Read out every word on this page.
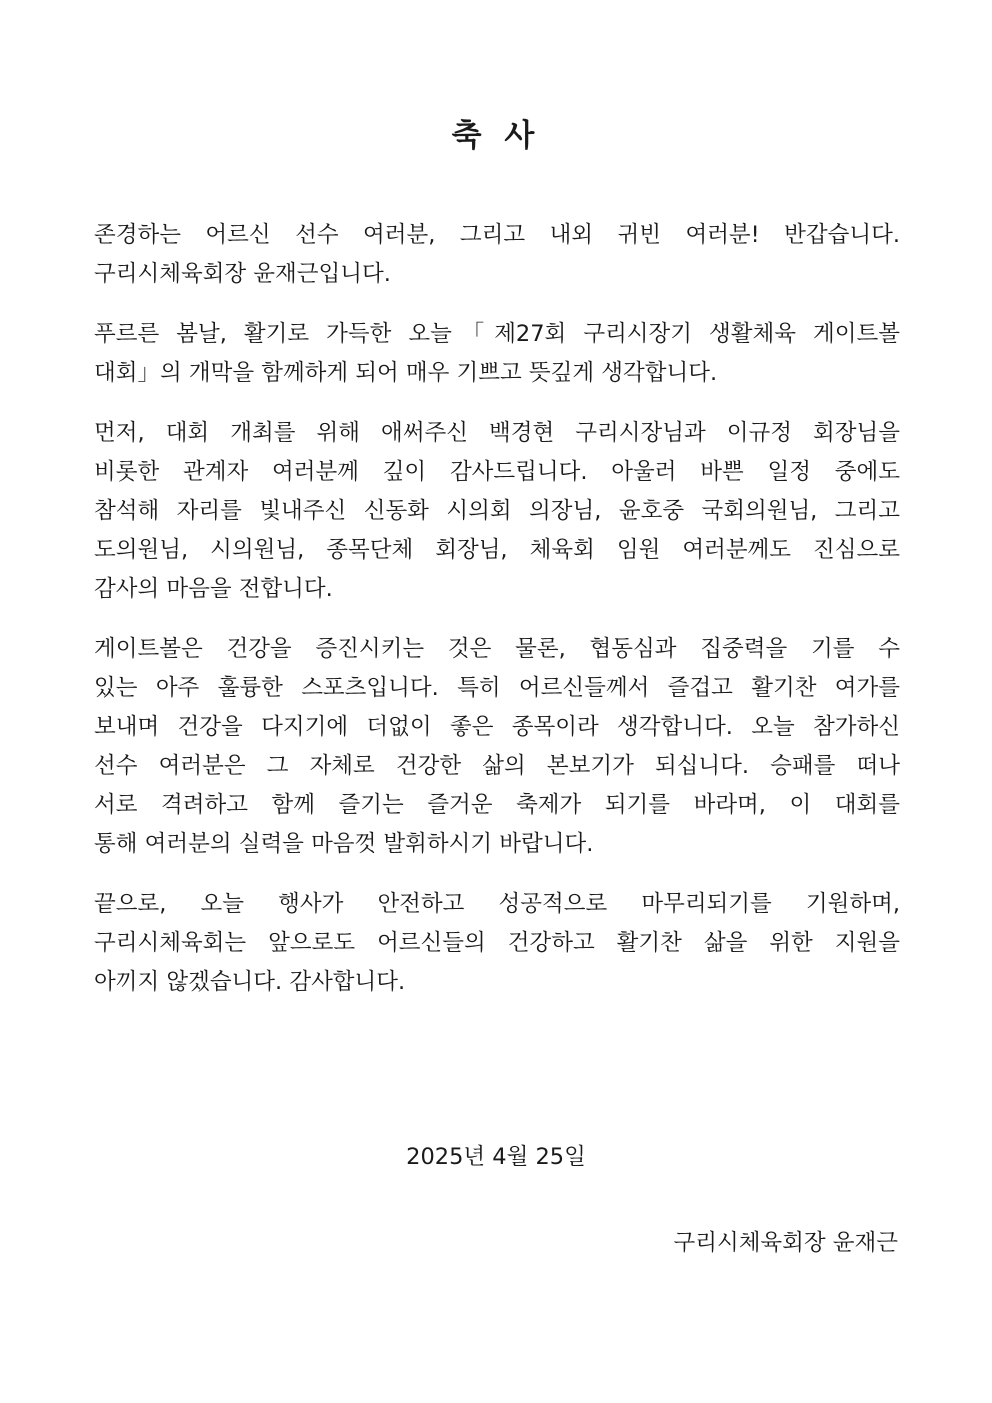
축 사

존경하는 어르신 선수 여러분, 그리고 내외 귀빈 여러분! 반갑습니다.
구리시체육회장 윤재근입니다.

푸르른 봄날, 활기로 가득한 오늘「제27회 구리시장기 생활체육 게이트볼
대회」의 개막을 함께하게 되어 매우 기쁘고 뜻깊게 생각합니다.

먼저, 대회 개최를 위해 애써주신 백경현 구리시장님과 이규정 회장님을
비롯한 관계자 여러분께 깊이 감사드립니다. 아울러 바쁜 일정 중에도
참석해 자리를 빛내주신 신동화 시의회 의장님, 윤호중 국회의원님, 그리고
도의원님, 시의원님, 종목단체 회장님, 체육회 임원 여러분께도 진심으로
감사의 마음을 전합니다.

게이트볼은 건강을 증진시키는 것은 물론, 협동심과 집중력을 기를 수
있는 아주 훌륭한 스포츠입니다. 특히 어르신들께서 즐겁고 활기찬 여가를
보내며 건강을 다지기에 더없이 좋은 종목이라 생각합니다. 오늘 참가하신
선수 여러분은 그 자체로 건강한 삶의 본보기가 되십니다. 승패를 떠나
서로 격려하고 함께 즐기는 즐거운 축제가 되기를 바라며, 이 대회를
통해 여러분의 실력을 마음껏 발휘하시기 바랍니다.

끝으로, 오늘 행사가 안전하고 성공적으로 마무리되기를 기원하며,
구리시체육회는 앞으로도 어르신들의 건강하고 활기찬 삶을 위한 지원을
아끼지 않겠습니다. 감사합니다.

2025년 4월 25일
구리시체육회장 윤재근
